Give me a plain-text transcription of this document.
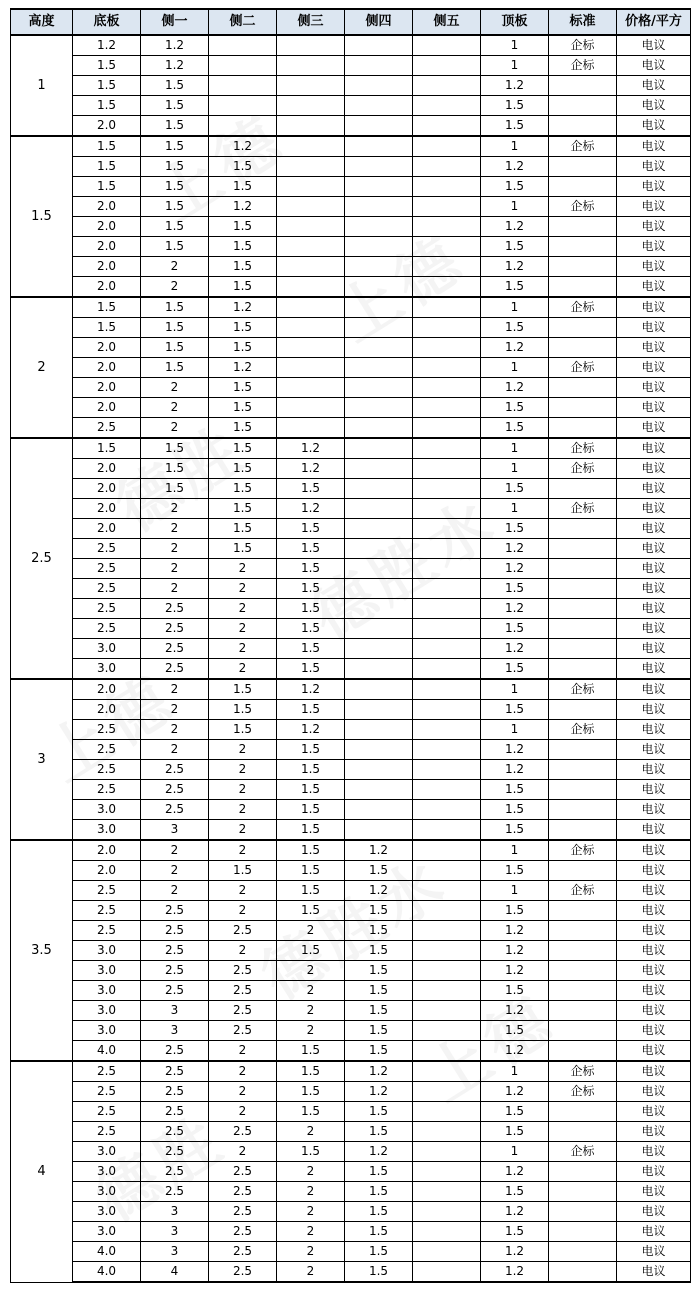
高度	底板	侧一	侧二	侧三	侧四	侧五	顶板	标准	价格/平方
1	1.2	1.2					1	企标	电议
	1.5	1.2					1	企标	电议
	1.5	1.5					1.2		电议
	1.5	1.5					1.5		电议
	2.0	1.5					1.5		电议
1.5	1.5	1.5	1.2				1	企标	电议
	1.5	1.5	1.5				1.2		电议
	1.5	1.5	1.5				1.5		电议
	2.0	1.5	1.2				1	企标	电议
	2.0	1.5	1.5				1.2		电议
	2.0	1.5	1.5				1.5		电议
	2.0	2	1.5				1.2		电议
	2.0	2	1.5				1.5		电议
2	1.5	1.5	1.2				1	企标	电议
	1.5	1.5	1.5				1.5		电议
	2.0	1.5	1.5				1.2		电议
	2.0	1.5	1.2				1	企标	电议
	2.0	2	1.5				1.2		电议
	2.0	2	1.5				1.5		电议
	2.5	2	1.5				1.5		电议
2.5	1.5	1.5	1.5	1.2			1	企标	电议
	2.0	1.5	1.5	1.2			1	企标	电议
	2.0	1.5	1.5	1.5			1.5		电议
	2.0	2	1.5	1.2			1	企标	电议
	2.0	2	1.5	1.5			1.5		电议
	2.5	2	1.5	1.5			1.2		电议
	2.5	2	2	1.5			1.2		电议
	2.5	2	2	1.5			1.5		电议
	2.5	2.5	2	1.5			1.2		电议
	2.5	2.5	2	1.5			1.5		电议
	3.0	2.5	2	1.5			1.2		电议
	3.0	2.5	2	1.5			1.5		电议
3	2.0	2	1.5	1.2			1	企标	电议
	2.0	2	1.5	1.5			1.5		电议
	2.5	2	1.5	1.2			1	企标	电议
	2.5	2	2	1.5			1.2		电议
	2.5	2.5	2	1.5			1.2		电议
	2.5	2.5	2	1.5			1.5		电议
	3.0	2.5	2	1.5			1.5		电议
	3.0	3	2	1.5			1.5		电议
3.5	2.0	2	2	1.5	1.2		1	企标	电议
	2.0	2	1.5	1.5	1.5		1.5		电议
	2.5	2	2	1.5	1.2		1	企标	电议
	2.5	2.5	2	1.5	1.5		1.5		电议
	2.5	2.5	2.5	2	1.5		1.2		电议
	3.0	2.5	2	1.5	1.5		1.2		电议
	3.0	2.5	2.5	2	1.5		1.2		电议
	3.0	2.5	2.5	2	1.5		1.5		电议
	3.0	3	2.5	2	1.5		1.2		电议
	3.0	3	2.5	2	1.5		1.5		电议
	4.0	2.5	2	1.5	1.5		1.2		电议
4	2.5	2.5	2	1.5	1.2		1	企标	电议
	2.5	2.5	2	1.5	1.2		1.2	企标	电议
	2.5	2.5	2	1.5	1.5		1.5		电议
	2.5	2.5	2.5	2	1.5		1.5		电议
	3.0	2.5	2	1.5	1.2		1	企标	电议
	3.0	2.5	2.5	2	1.5		1.2		电议
	3.0	2.5	2.5	2	1.5		1.5		电议
	3.0	3	2.5	2	1.5		1.2		电议
	3.0	3	2.5	2	1.5		1.5		电议
	4.0	3	2.5	2	1.5		1.2		电议
	4.0	4	2.5	2	1.5		1.2		电议
